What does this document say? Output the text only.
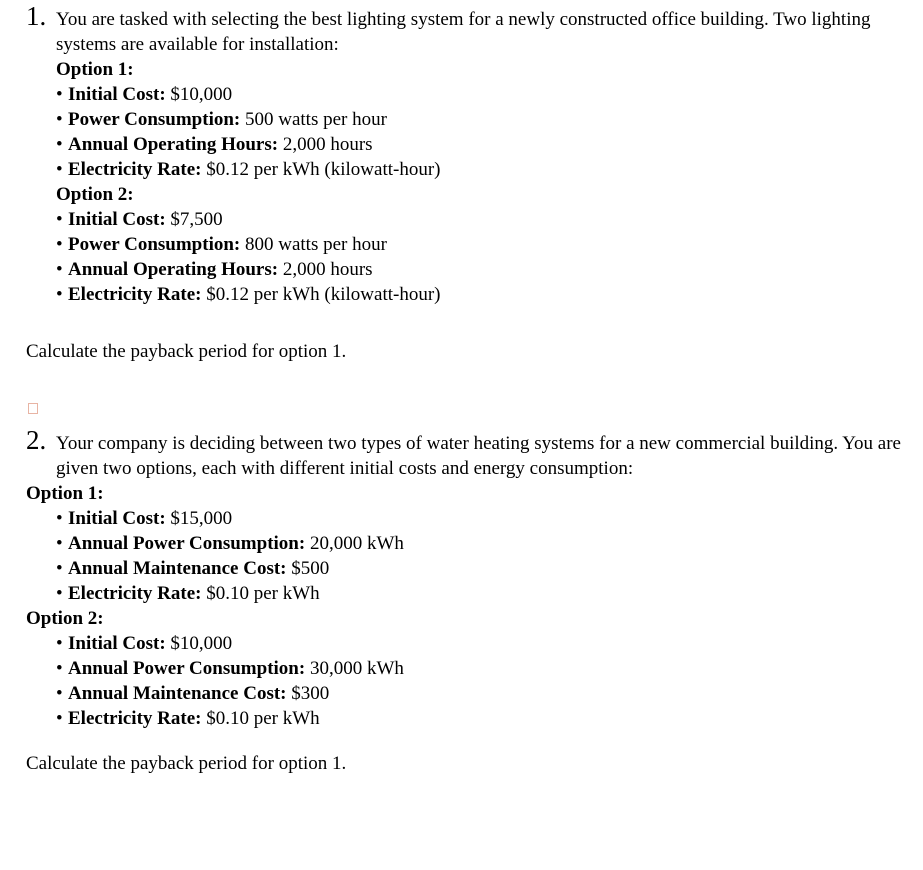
1. You are tasked with selecting the best lighting system for a newly constructed office building. Two lighting systems are available for installation:
Option 1:
• Initial Cost: $10,000
• Power Consumption: 500 watts per hour
• Annual Operating Hours: 2,000 hours
• Electricity Rate: $0.12 per kWh (kilowatt-hour)
Option 2:
• Initial Cost: $7,500
• Power Consumption: 800 watts per hour
• Annual Operating Hours: 2,000 hours
• Electricity Rate: $0.12 per kWh (kilowatt-hour)
Calculate the payback period for option 1.
2. Your company is deciding between two types of water heating systems for a new commercial building. You are given two options, each with different initial costs and energy consumption:
Option 1:
• Initial Cost: $15,000
• Annual Power Consumption: 20,000 kWh
• Annual Maintenance Cost: $500
• Electricity Rate: $0.10 per kWh
Option 2:
• Initial Cost: $10,000
• Annual Power Consumption: 30,000 kWh
• Annual Maintenance Cost: $300
• Electricity Rate: $0.10 per kWh
Calculate the payback period for option 1.
